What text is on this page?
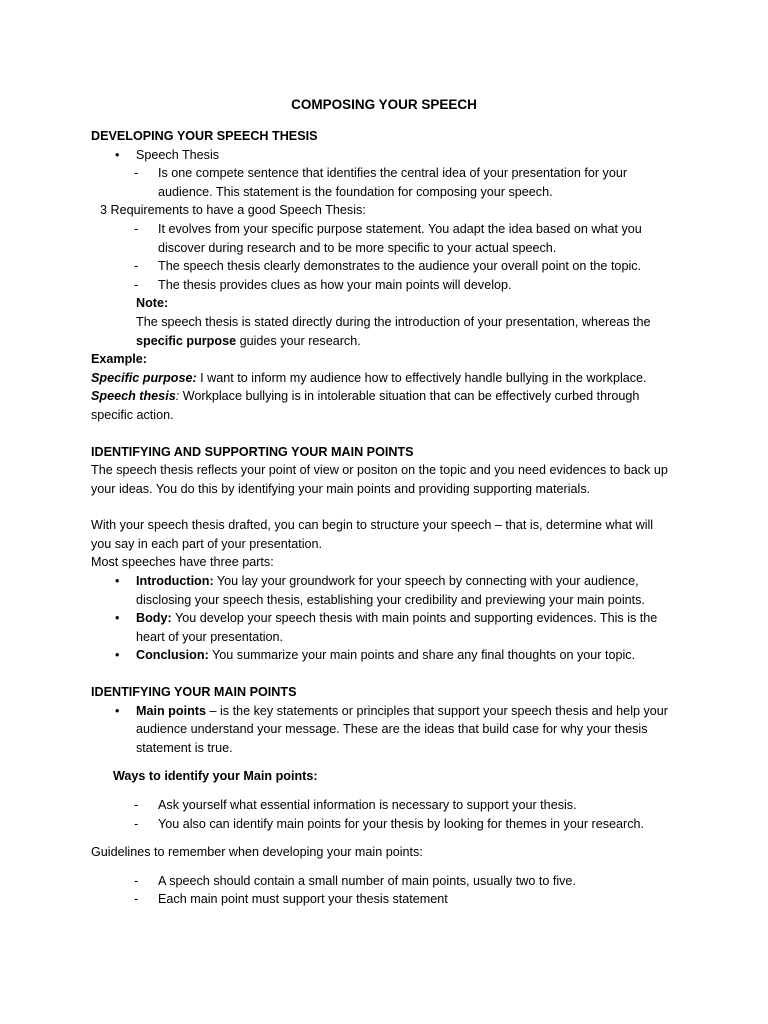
COMPOSING YOUR SPEECH

DEVELOPING YOUR SPEECH THESIS

• Speech Thesis

- Is one compete sentence that identifies the central idea of your presentation for your

audience. This statement is the foundation for composing your speech.

3 Requirements to have a good Speech Thesis:

- It evolves from your specific purpose statement. You adapt the idea based on what you

discover during research and to be more specific to your actual speech.

- The speech thesis clearly demonstrates to the audience your overall point on the topic.

- The thesis provides clues as how your main points will develop.

Note:

The speech thesis is stated directly during the introduction of your presentation, whereas the

specific purpose guides your research.

Example:

Specific purpose: I want to inform my audience how to effectively handle bullying in the workplace.

Speech thesis: Workplace bullying is in intolerable situation that can be effectively curbed through

specific action.

IDENTIFYING AND SUPPORTING YOUR MAIN POINTS

The speech thesis reflects your point of view or positon on the topic and you need evidences to back up

your ideas. You do this by identifying your main points and providing supporting materials.

With your speech thesis drafted, you can begin to structure your speech – that is, determine what will

you say in each part of your presentation.

Most speeches have three parts:

• Introduction: You lay your groundwork for your speech by connecting with your audience,

disclosing your speech thesis, establishing your credibility and previewing your main points.

• Body: You develop your speech thesis with main points and supporting evidences. This is the

heart of your presentation.

• Conclusion: You summarize your main points and share any final thoughts on your topic.

IDENTIFYING YOUR MAIN POINTS

• Main points – is the key statements or principles that support your speech thesis and help your

audience understand your message. These are the ideas that build case for why your thesis

statement is true.

Ways to identify your Main points:

- Ask yourself what essential information is necessary to support your thesis.

- You also can identify main points for your thesis by looking for themes in your research.

Guidelines to remember when developing your main points:

- A speech should contain a small number of main points, usually two to five.

- Each main point must support your thesis statement
